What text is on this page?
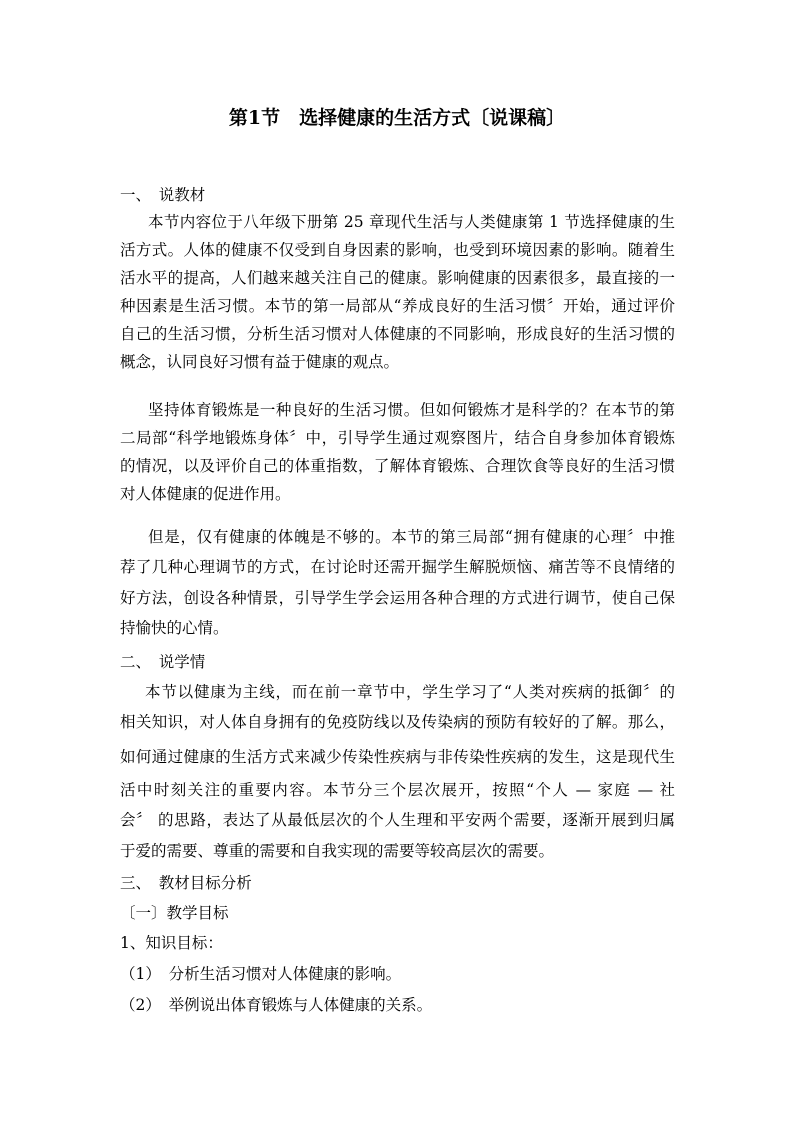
第1节　选择健康的生活方式〔说课稿〕
一、　说教材
本节内容位于八年级下册第 25 章现代生活与人类健康第 1 节选择健康的生
活方式。人体的健康不仅受到自身因素的影响，也受到环境因素的影响。随着生
活水平的提高，人们越来越关注自己的健康。影响健康的因素很多，最直接的一
种因素是生活习惯。本节的第一局部从“养成良好的生活习惯〞开始，通过评价
自己的生活习惯，分析生活习惯对人体健康的不同影响，形成良好的生活习惯的
概念，认同良好习惯有益于健康的观点。
坚持体育锻炼是一种良好的生活习惯。但如何锻炼才是科学的？在本节的第
二局部“科学地锻炼身体〞中，引导学生通过观察图片，结合自身参加体育锻炼
的情况，以及评价自己的体重指数，了解体育锻炼、合理饮食等良好的生活习惯
对人体健康的促进作用。
但是，仅有健康的体魄是不够的。本节的第三局部“拥有健康的心理〞中推
荐了几种心理调节的方式，在讨论时还需开掘学生解脱烦恼、痛苦等不良情绪的
好方法，创设各种情景，引导学生学会运用各种合理的方式进行调节，使自己保
持愉快的心情。
二、　说学情
本节以健康为主线，而在前一章节中，学生学习了“人类对疾病的抵御〞的
相关知识，对人体自身拥有的免疫防线以及传染病的预防有较好的了解。那么，
如何通过健康的生活方式来减少传染性疾病与非传染性疾病的发生，这是现代生
活中时刻关注的重要内容。本节分三个层次展开，按照“个人 — 家庭 — 社
会〞 的思路，表达了从最低层次的个人生理和平安两个需要，逐渐开展到归属
于爱的需要、尊重的需要和自我实现的需要等较高层次的需要。
三、　教材目标分析
〔一〕教学目标
1、知识目标：
（1）　分析生活习惯对人体健康的影响。
（2）　举例说出体育锻炼与人体健康的关系。
